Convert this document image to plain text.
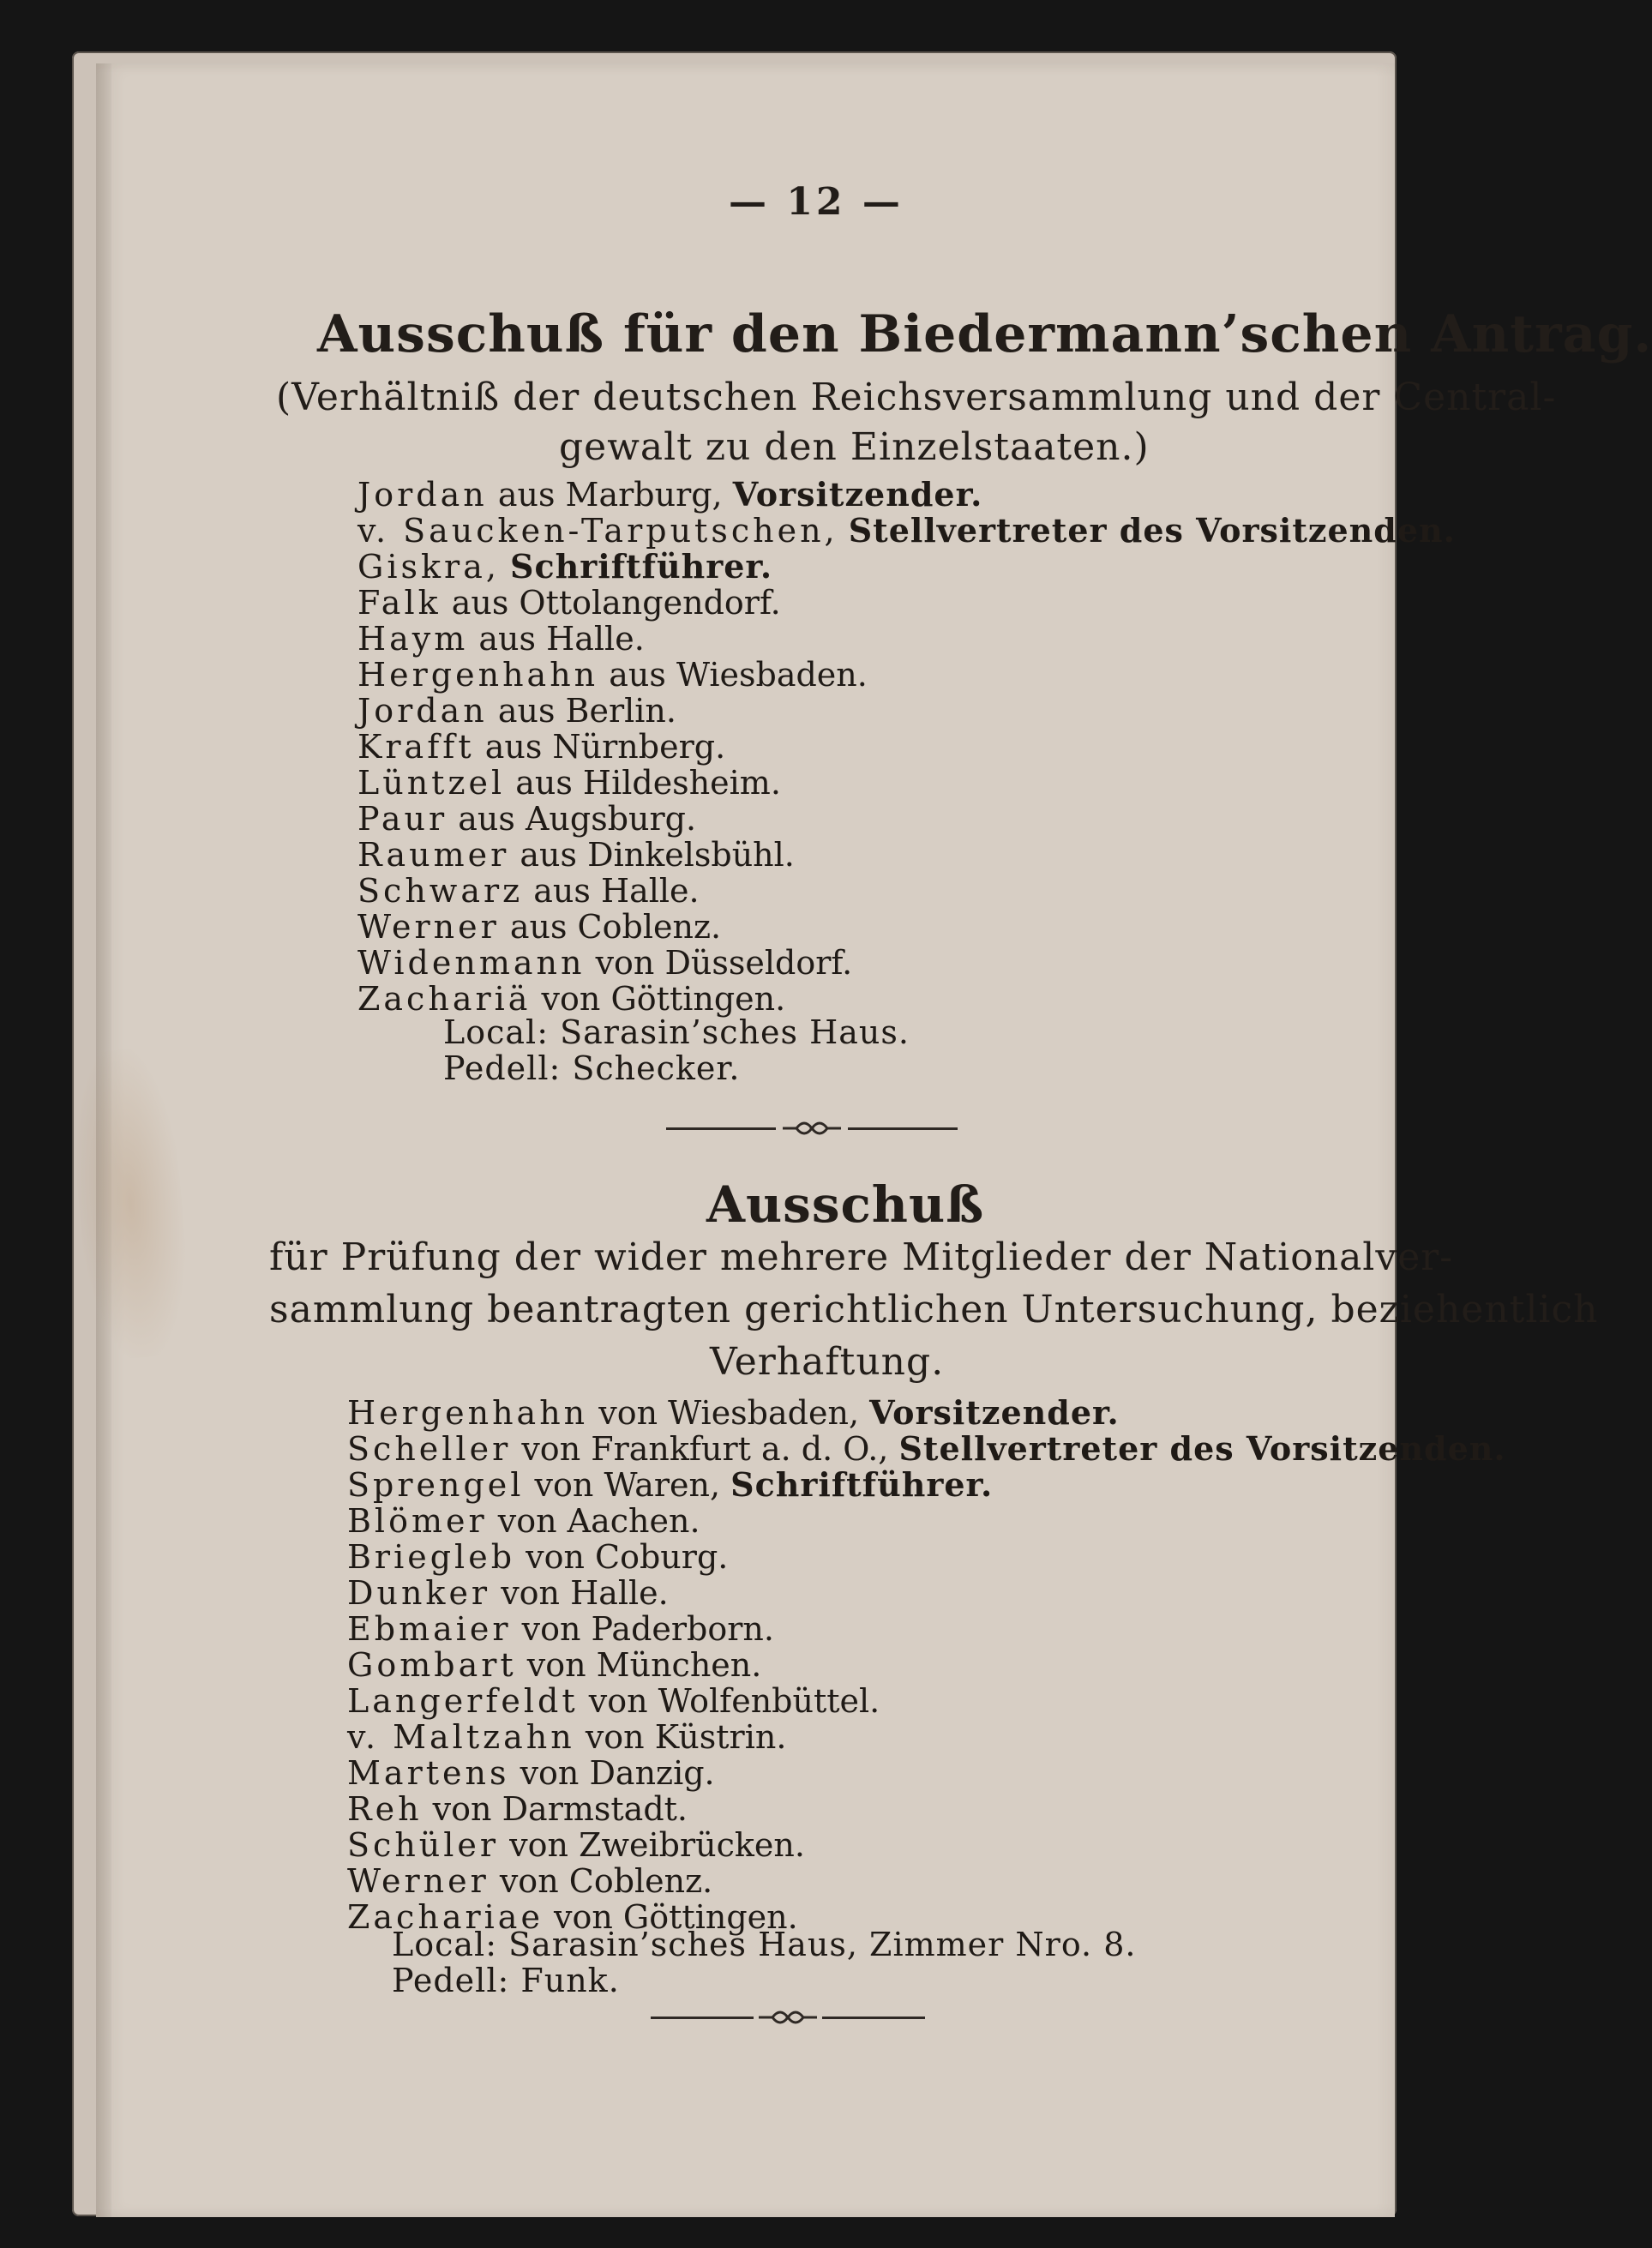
— 12 —
Ausschuß für den Biedermann’schen Antrag.
(Verhältniß der deutschen Reichsversammlung und der Central-
gewalt zu den Einzelstaaten.)
Jordan aus Marburg, Vorsitzender.
v. Saucken-Tarputschen, Stellvertreter des Vorsitzenden.
Giskra, Schriftführer.
Falk aus Ottolangendorf.
Haym aus Halle.
Hergenhahn aus Wiesbaden.
Jordan aus Berlin.
Krafft aus Nürnberg.
Lüntzel aus Hildesheim.
Paur aus Augsburg.
Raumer aus Dinkelsbühl.
Schwarz aus Halle.
Werner aus Coblenz.
Widenmann von Düsseldorf.
Zachariä von Göttingen.
Local: Sarasin’sches Haus.
Pedell: Schecker.
Ausschuß
für Prüfung der wider mehrere Mitglieder der Nationalver-
sammlung beantragten gerichtlichen Untersuchung, beziehentlich
Verhaftung.
Hergenhahn von Wiesbaden, Vorsitzender.
Scheller von Frankfurt a. d. O., Stellvertreter des Vorsitzenden.
Sprengel von Waren, Schriftführer.
Blömer von Aachen.
Briegleb von Coburg.
Dunker von Halle.
Ebmaier von Paderborn.
Gombart von München.
Langerfeldt von Wolfenbüttel.
v. Maltzahn von Küstrin.
Martens von Danzig.
Reh von Darmstadt.
Schüler von Zweibrücken.
Werner von Coblenz.
Zachariae von Göttingen.
Local: Sarasin’sches Haus, Zimmer Nro. 8.
Pedell: Funk.
